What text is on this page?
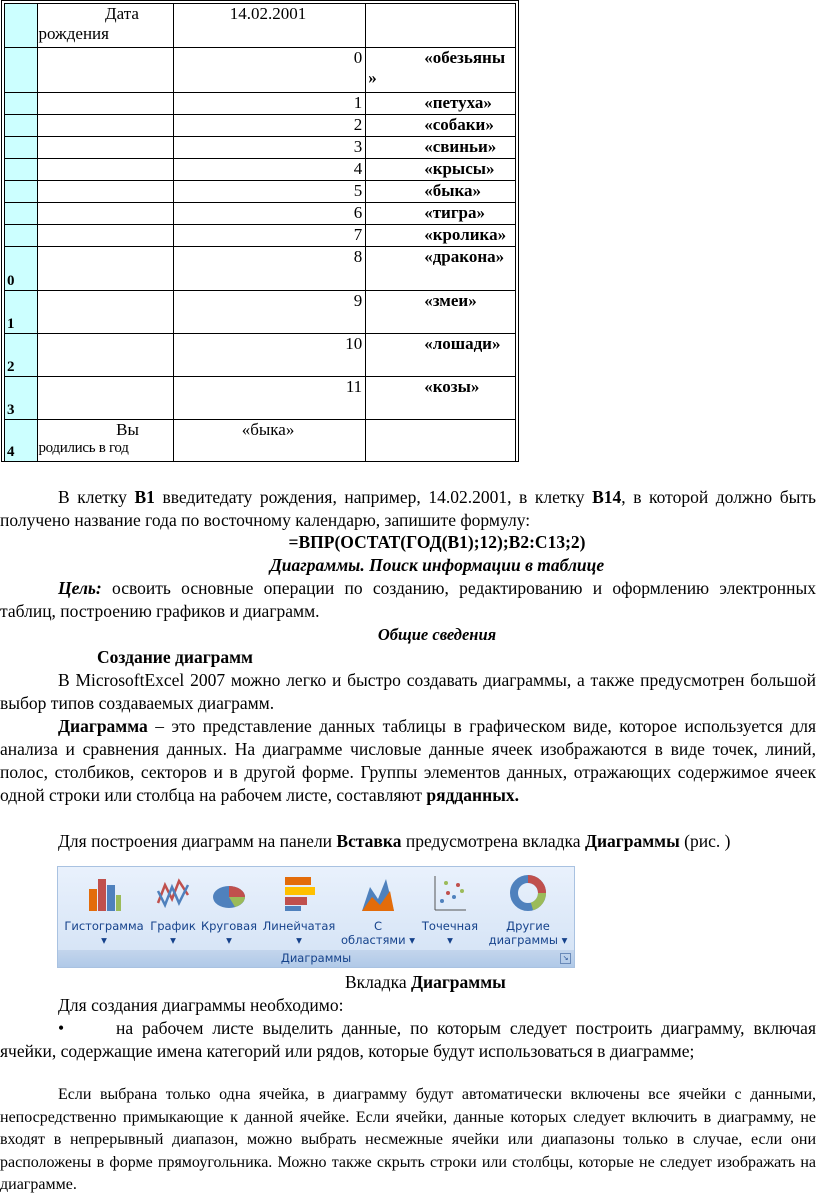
	Дата
рождения	14.02.2001	
		0	«обезьяны
»

		1	«петуха»
		2	«собаки»
		3	«свиньи»
		4	«крысы»
		5	«быка»
		6	«тигра»
		7	«кролика»
0		8	«дракона»
1		9	«змеи»
2		10	«лошади»
3		11	«козы»
4	Вы
родились в год	«быка»	
В клетку B1 введитедату рождения, например, 14.02.2001, в клетку B14, в которой должно быть получено название года по восточному календарю, запишите формулу:
=ВПР(ОСТАТ(ГОД(B1);12);B2:C13;2)
Диаграммы. Поиск информации в таблице
Цель: освоить основные операции по созданию, редактированию и оформлению электронных таблиц, построению графиков и диаграмм.
Общие сведения
Создание диаграмм
В MicrosoftExcel 2007 можно легко и быстро создавать диаграммы, а также предусмотрен большой выбор типов создаваемых диаграмм.
Диаграмма – это представление данных таблицы в графическом виде, которое используется для анализа и сравнения данных. На диаграмме числовые данные ячеек изображаются в виде точек, линий, полос, столбиков, секторов и в другой форме. Группы элементов данных, отражающих содержимое ячеек одной строки или столбца на рабочем листе, составляют рядданных.
Для построения диаграмм на панели Вставка предусмотрена вкладка Диаграммы (рис. )
Гистограмма
▾
График
▾
Круговая
▾
Линейчатая
▾
С
областями ▾
Точечная
▾
Другие
диаграммы ▾
Диаграммы	↘
Вкладка Диаграммы
Для создания диаграммы необходимо:
•	на рабочем листе выделить данные, по которым следует построить диаграмму, включая ячейки, содержащие имена категорий или рядов, которые будут использоваться в диаграмме;
Если выбрана только одна ячейка, в диаграмму будут автоматически включены все ячейки с данными, непосредственно примыкающие к данной ячейке. Если ячейки, данные которых следует включить в диаграмму, не входят в непрерывный диапазон, можно выбрать несмежные ячейки или диапазоны только в случае, если они расположены в форме прямоугольника. Можно также скрыть строки или столбцы, которые не следует изображать на диаграмме.
